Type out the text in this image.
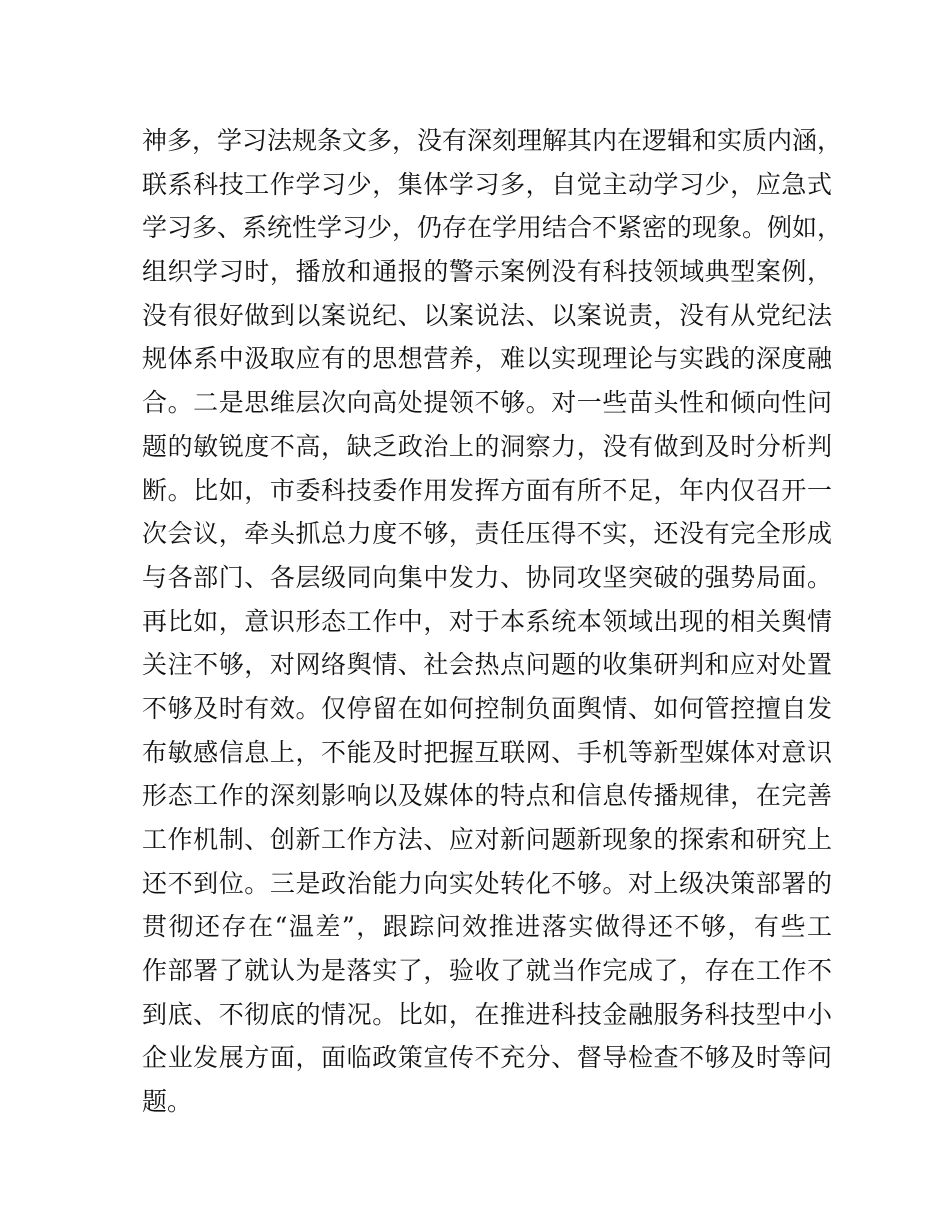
神多，学习法规条文多，没有深刻理解其内在逻辑和实质内涵，
联系科技工作学习少，集体学习多，自觉主动学习少，应急式
学习多、系统性学习少，仍存在学用结合不紧密的现象。例如，
组织学习时，播放和通报的警示案例没有科技领域典型案例，
没有很好做到以案说纪、以案说法、以案说责，没有从党纪法
规体系中汲取应有的思想营养，难以实现理论与实践的深度融
合。二是思维层次向高处提领不够。对一些苗头性和倾向性问
题的敏锐度不高，缺乏政治上的洞察力，没有做到及时分析判
断。比如，市委科技委作用发挥方面有所不足，年内仅召开一
次会议，牵头抓总力度不够，责任压得不实，还没有完全形成
与各部门、各层级同向集中发力、协同攻坚突破的强势局面。
再比如，意识形态工作中，对于本系统本领域出现的相关舆情
关注不够，对网络舆情、社会热点问题的收集研判和应对处置
不够及时有效。仅停留在如何控制负面舆情、如何管控擅自发
布敏感信息上，不能及时把握互联网、手机等新型媒体对意识
形态工作的深刻影响以及媒体的特点和信息传播规律，在完善
工作机制、创新工作方法、应对新问题新现象的探索和研究上
还不到位。三是政治能力向实处转化不够。对上级决策部署的
贯彻还存在“温差”，跟踪问效推进落实做得还不够，有些工
作部署了就认为是落实了，验收了就当作完成了，存在工作不
到底、不彻底的情况。比如，在推进科技金融服务科技型中小
企业发展方面，面临政策宣传不充分、督导检查不够及时等问
题。
